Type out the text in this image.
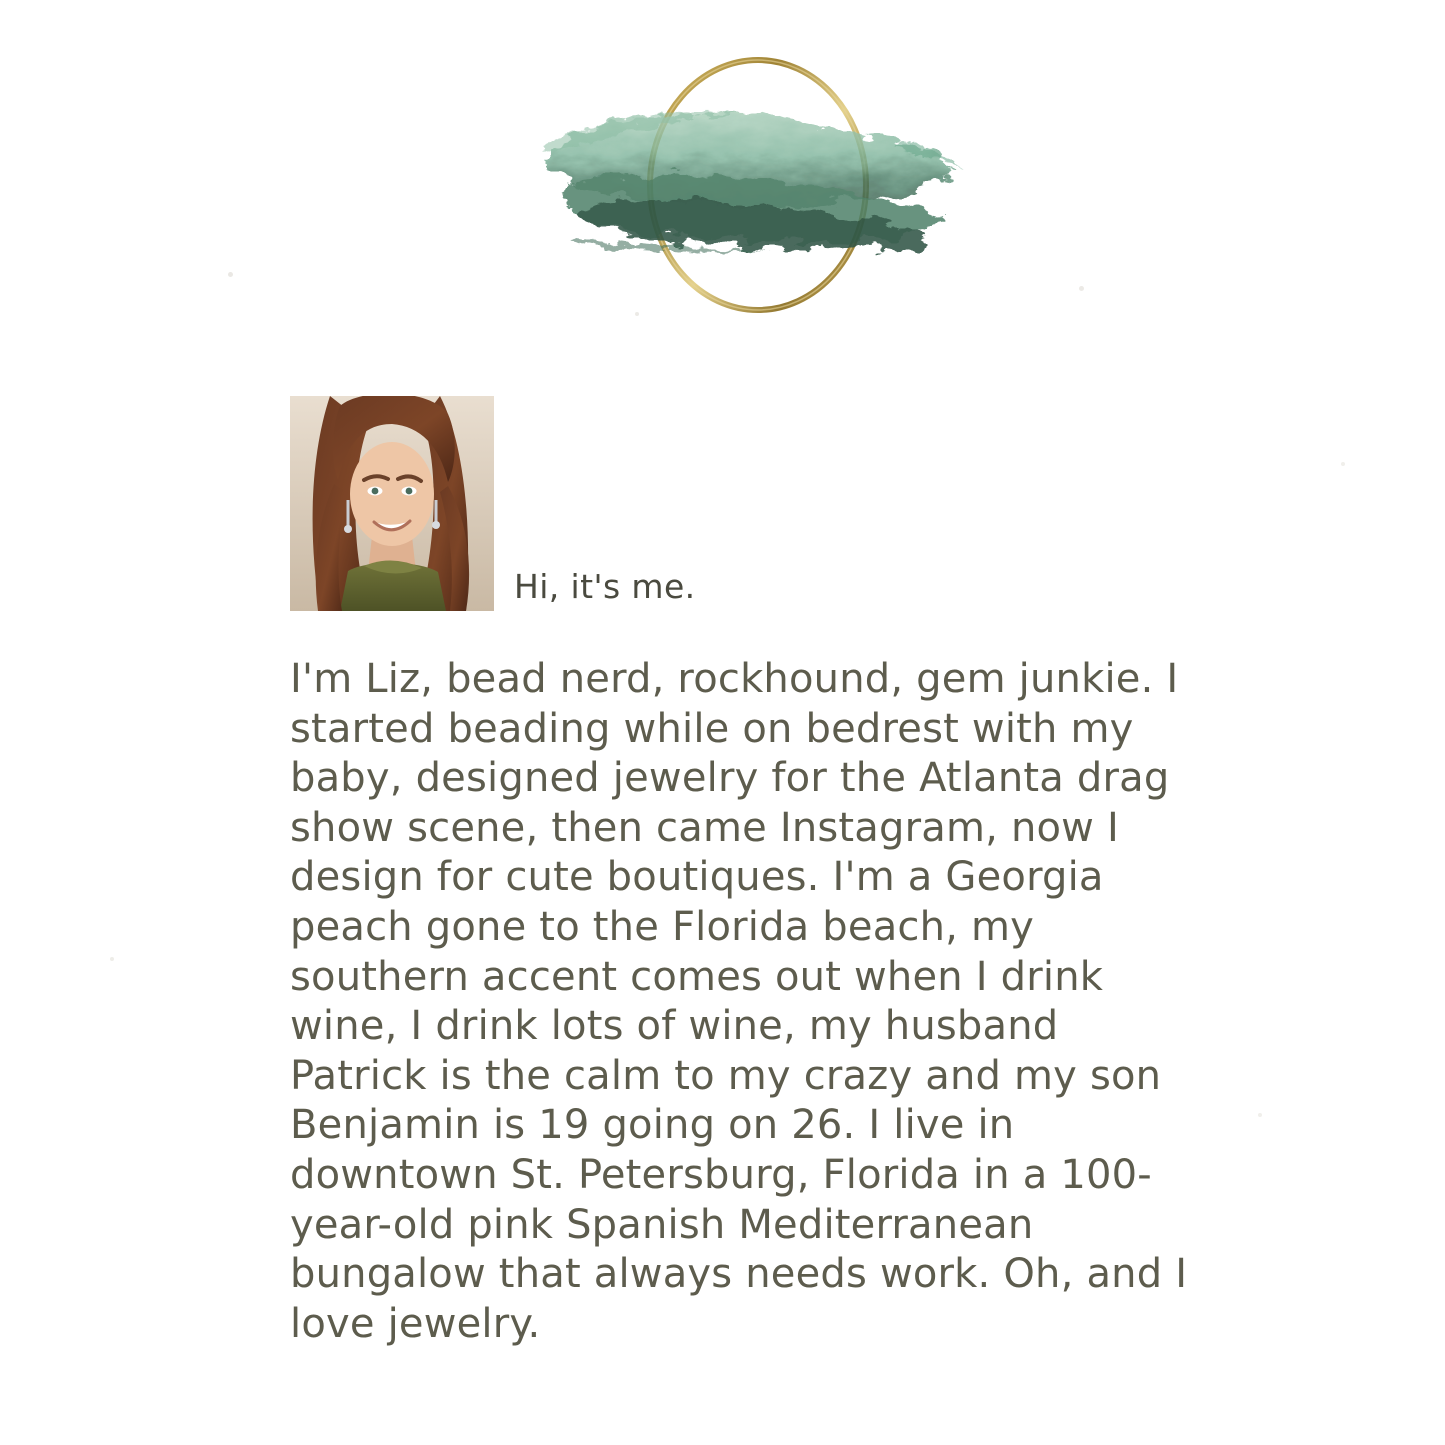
Hi, it's me.
I'm Liz, bead nerd, rockhound, gem junkie. I started beading while on bedrest with my baby, designed jewelry for the Atlanta drag show scene, then came Instagram, now I design for cute boutiques. I'm a Georgia peach gone to the Florida beach, my southern accent comes out when I drink wine, I drink lots of wine, my husband Patrick is the calm to my crazy and my son Benjamin is 19 going on 26. I live in downtown St. Petersburg, Florida in a 100-year-old pink Spanish Mediterranean bungalow that always needs work. Oh, and I love jewelry.
